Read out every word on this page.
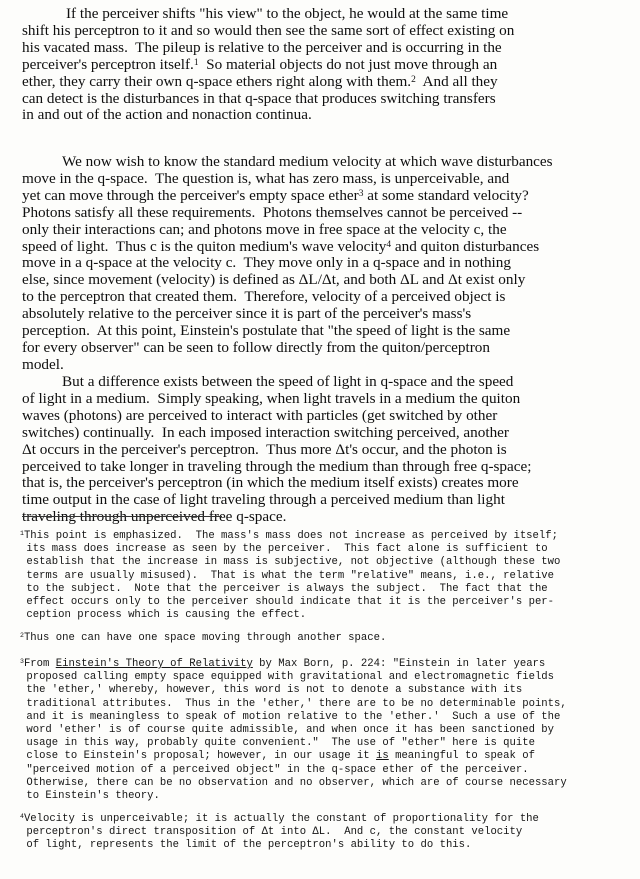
If the perceiver shifts "his view" to the object, he would at the same time
shift his perceptron to it and so would then see the same sort of effect existing on
his vacated mass.  The pileup is relative to the perceiver and is occurring in the
perceiver's perceptron itself.$^1$  So material objects do not just move through an
ether, they carry their own q-space ethers right along with them.$^2$  And all they
can detect is the disturbances in that q-space that produces switching transfers
in and out of the action and nonaction continua.
We now wish to know the standard medium velocity at which wave disturbances
move in the q-space.  The question is, what has zero mass, is unperceivable, and
yet can move through the perceiver's empty space ether$^3$ at some standard velocity?
Photons satisfy all these requirements.  Photons themselves cannot be perceived --
only their interactions can; and photons move in free space at the velocity c, the
speed of light.  Thus c is the quiton medium's wave velocity$^4$ and quiton disturbances
move in a q-space at the velocity c.  They move only in a q-space and in nothing
else, since movement (velocity) is defined as ΔL/Δt, and both ΔL and Δt exist only
to the perceptron that created them.  Therefore, velocity of a perceived object is
absolutely relative to the perceiver since it is part of the perceiver's mass's
perception.  At this point, Einstein's postulate that "the speed of light is the same
for every observer" can be seen to follow directly from the quiton/perceptron
model.
But a difference exists between the speed of light in q-space and the speed
of light in a medium.  Simply speaking, when light travels in a medium the quiton
waves (photons) are perceived to interact with particles (get switched by other
switches) continually.  In each imposed interaction switching perceived, another
Δt occurs in the perceiver's perceptron.  Thus more Δt's occur, and the photon is
perceived to take longer in traveling through the medium than through free q-space;
that is, the perceiver's perceptron (in which the medium itself exists) creates more
time output in the case of light traveling through a perceived medium than light
traveling through unperceived free q-space.
$^1$This point is emphasized.  The mass's mass does not increase as perceived by itself;
its mass does increase as seen by the perceiver.  This fact alone is sufficient to
establish that the increase in mass is subjective, not objective (although these two
terms are usually misused).  That is what the term "relative" means, i.e., relative
to the subject.  Note that the perceiver is always the subject.  The fact that the
effect occurs only to the perceiver should indicate that it is the perceiver's per-
ception process which is causing the effect.
$^2$Thus one can have one space moving through another space.
$^3$From Einstein's Theory of Relativity by Max Born, p. 224: "Einstein in later years
proposed calling empty space equipped with gravitational and electromagnetic fields
the 'ether,' whereby, however, this word is not to denote a substance with its
traditional attributes.  Thus in the 'ether,' there are to be no determinable points,
and it is meaningless to speak of motion relative to the 'ether.'  Such a use of the
word 'ether' is of course quite admissible, and when once it has been sanctioned by
usage in this way, probably quite convenient."  The use of "ether" here is quite
close to Einstein's proposal; however, in our usage it is meaningful to speak of
"perceived motion of a perceived object" in the q-space ether of the perceiver.
Otherwise, there can be no observation and no observer, which are of course necessary
to Einstein's theory.
$^4$Velocity is unperceivable; it is actually the constant of proportionality for the
perceptron's direct transposition of Δt into ΔL.  And c, the constant velocity
of light, represents the limit of the perceptron's ability to do this.
